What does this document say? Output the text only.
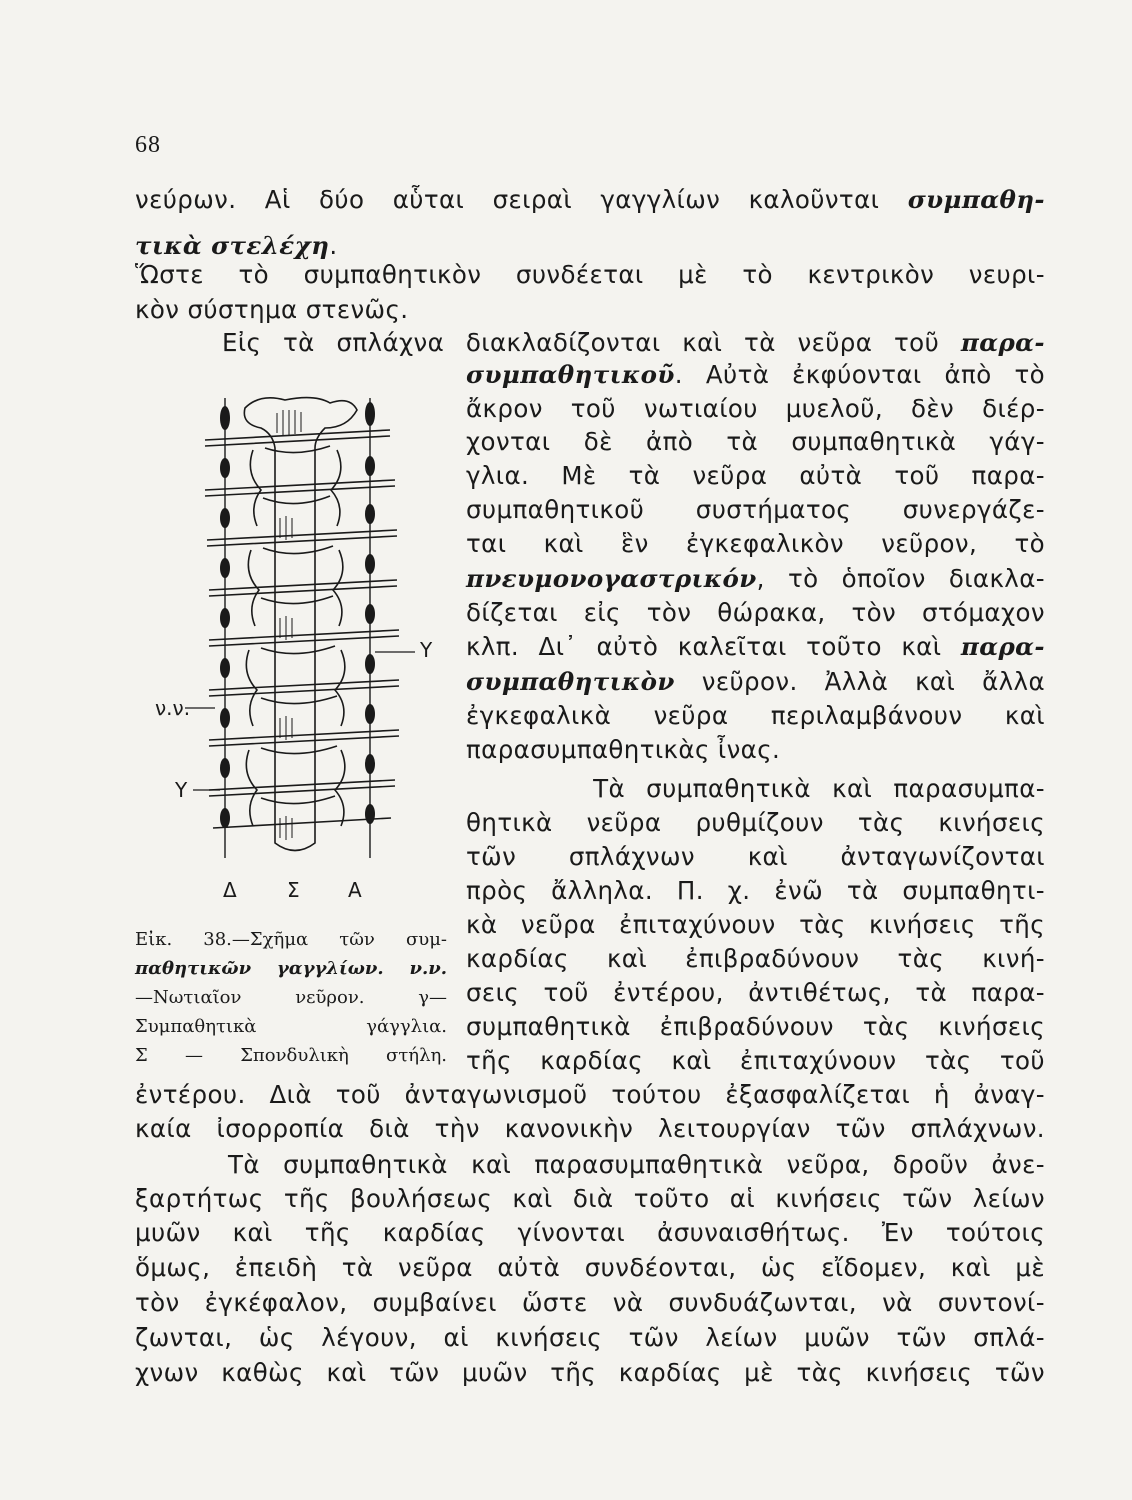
68
νεύρων. Αἱ δύο αὗται σειραὶ γαγγλίων καλοῦνται συμπαθη-
τικὰ στελέχη.
Ὥστε τὸ συμπαθητικὸν συνδέεται μὲ τὸ κεντρικὸν νευρι-
κὸν σύστημα στενῶς.
Εἰς τὰ σπλάχνα διακλαδίζονται καὶ τὰ νεῦρα τοῦ παρα-
συμπαθητικοῦ. Αὐτὰ ἐκφύονται ἀπὸ τὸ
ἄκρον τοῦ νωτιαίου μυελοῦ, δὲν διέρ-
χονται δὲ ἀπὸ τὰ συμπαθητικὰ γάγ-
γλια. Μὲ τὰ νεῦρα αὐτὰ τοῦ παρα-
συμπαθητικοῦ συστήματος συνεργάζε-
ται καὶ ἓν ἐγκεφαλικὸν νεῦρον, τὸ
πνευμονογαστρικόν, τὸ ὁποῖον διακλα-
δίζεται εἰς τὸν θώρακα, τὸν στόμαχον
κλπ. Δι᾽ αὐτὸ καλεῖται τοῦτο καὶ παρα-
συμπαθητικὸν νεῦρον. Ἀλλὰ καὶ ἄλλα
ἐγκεφαλικὰ νεῦρα περιλαμβάνουν καὶ
παρασυμπαθητικὰς ἶνας.
Τὰ συμπαθητικὰ καὶ παρασυμπα-
θητικὰ νεῦρα ρυθμίζουν τὰς κινήσεις
τῶν σπλάχνων καὶ ἀνταγωνίζονται
πρὸς ἄλληλα. Π. χ. ἐνῶ τὰ συμπαθητι-
κὰ νεῦρα ἐπιταχύνουν τὰς κινήσεις τῆς
καρδίας καὶ ἐπιβραδύνουν τὰς κινή-
σεις τοῦ ἐντέρου, ἀντιθέτως, τὰ παρα-
συμπαθητικὰ ἐπιβραδύνουν τὰς κινήσεις
τῆς καρδίας καὶ ἐπιταχύνουν τὰς τοῦ
ἐντέρου. Διὰ τοῦ ἀνταγωνισμοῦ τούτου ἐξασφαλίζεται ἡ ἀναγ-
καία ἰσορροπία διὰ τὴν κανονικὴν λειτουργίαν τῶν σπλάχνων.
Τὰ συμπαθητικὰ καὶ παρασυμπαθητικὰ νεῦρα, δροῦν ἀνε-
ξαρτήτως τῆς βουλήσεως καὶ διὰ τοῦτο αἱ κινήσεις τῶν λείων
μυῶν καὶ τῆς καρδίας γίνονται ἀσυναισθήτως. Ἐν τούτοις
ὅμως, ἐπειδὴ τὰ νεῦρα αὐτὰ συνδέονται, ὡς εἴδομεν, καὶ μὲ
τὸν ἐγκέφαλον, συμβαίνει ὥστε νὰ συνδυάζωνται, νὰ συντονί-
ζωνται, ὡς λέγουν, αἱ κινήσεις τῶν λείων μυῶν τῶν σπλά-
χνων καθὼς καὶ τῶν μυῶν τῆς καρδίας μὲ τὰς κινήσεις τῶν
Υ
ν.ν.
Υ
Δ	Σ Α
Εἰκ. 38.—Σχῆμα τῶν συμ-
παθητικῶν γαγγλίων. ν.ν.
—Νωτιαῖον νεῦρον. γ—
Συμπαθητικὰ γάγγλια.
Σ — Σπονδυλικὴ στήλη.
